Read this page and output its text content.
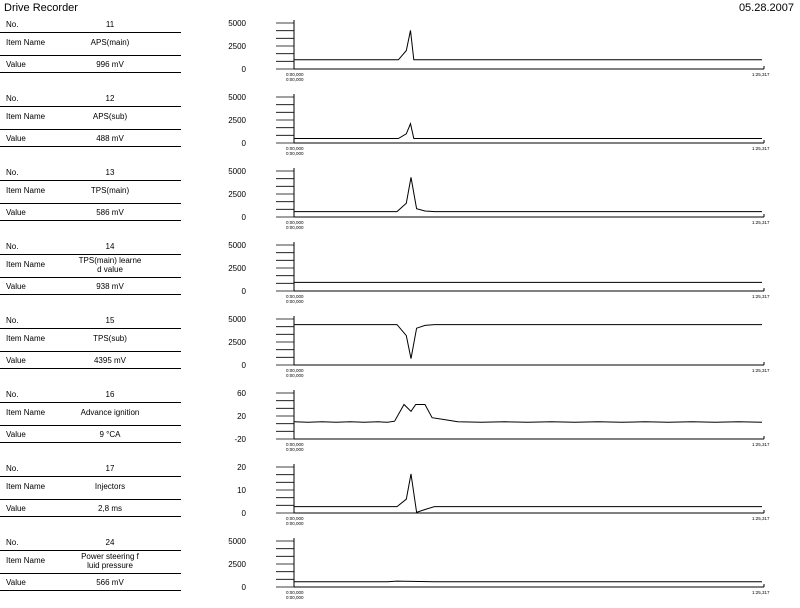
Drive Recorder	05.28.2007
No.	11
Item Name	APS(main)
Value	996 mV
5000
2500
0
0:00,000
0:00,000
1:25,317
No.	12
Item Name	APS(sub)
Value	488 mV
5000
2500
0
0:00,000
0:00,000
1:25,317
No.	13
Item Name	TPS(main)
Value	586 mV
5000
2500
0
0:00,000
0:00,000
1:25,317
No.	14
Item Name	TPS(main) learne
d value
Value	938 mV
5000
2500
0
0:00,000
0:00,000
1:25,317
No.	15
Item Name	TPS(sub)
Value	4395 mV
5000
2500
0
0:00,000
0:00,000
1:25,317
No.	16
Item Name	Advance ignition
Value	9 °CA
60
20
-20
0:00,000
0:00,000
1:25,317
No.	17
Item Name	Injectors
Value	2,8 ms
20
10
0
0:00,000
0:00,000
1:25,317
No.	24
Item Name	Power steering f
luid pressure
Value	566 mV
5000
2500
0
0:00,000
0:00,000
1:25,317
